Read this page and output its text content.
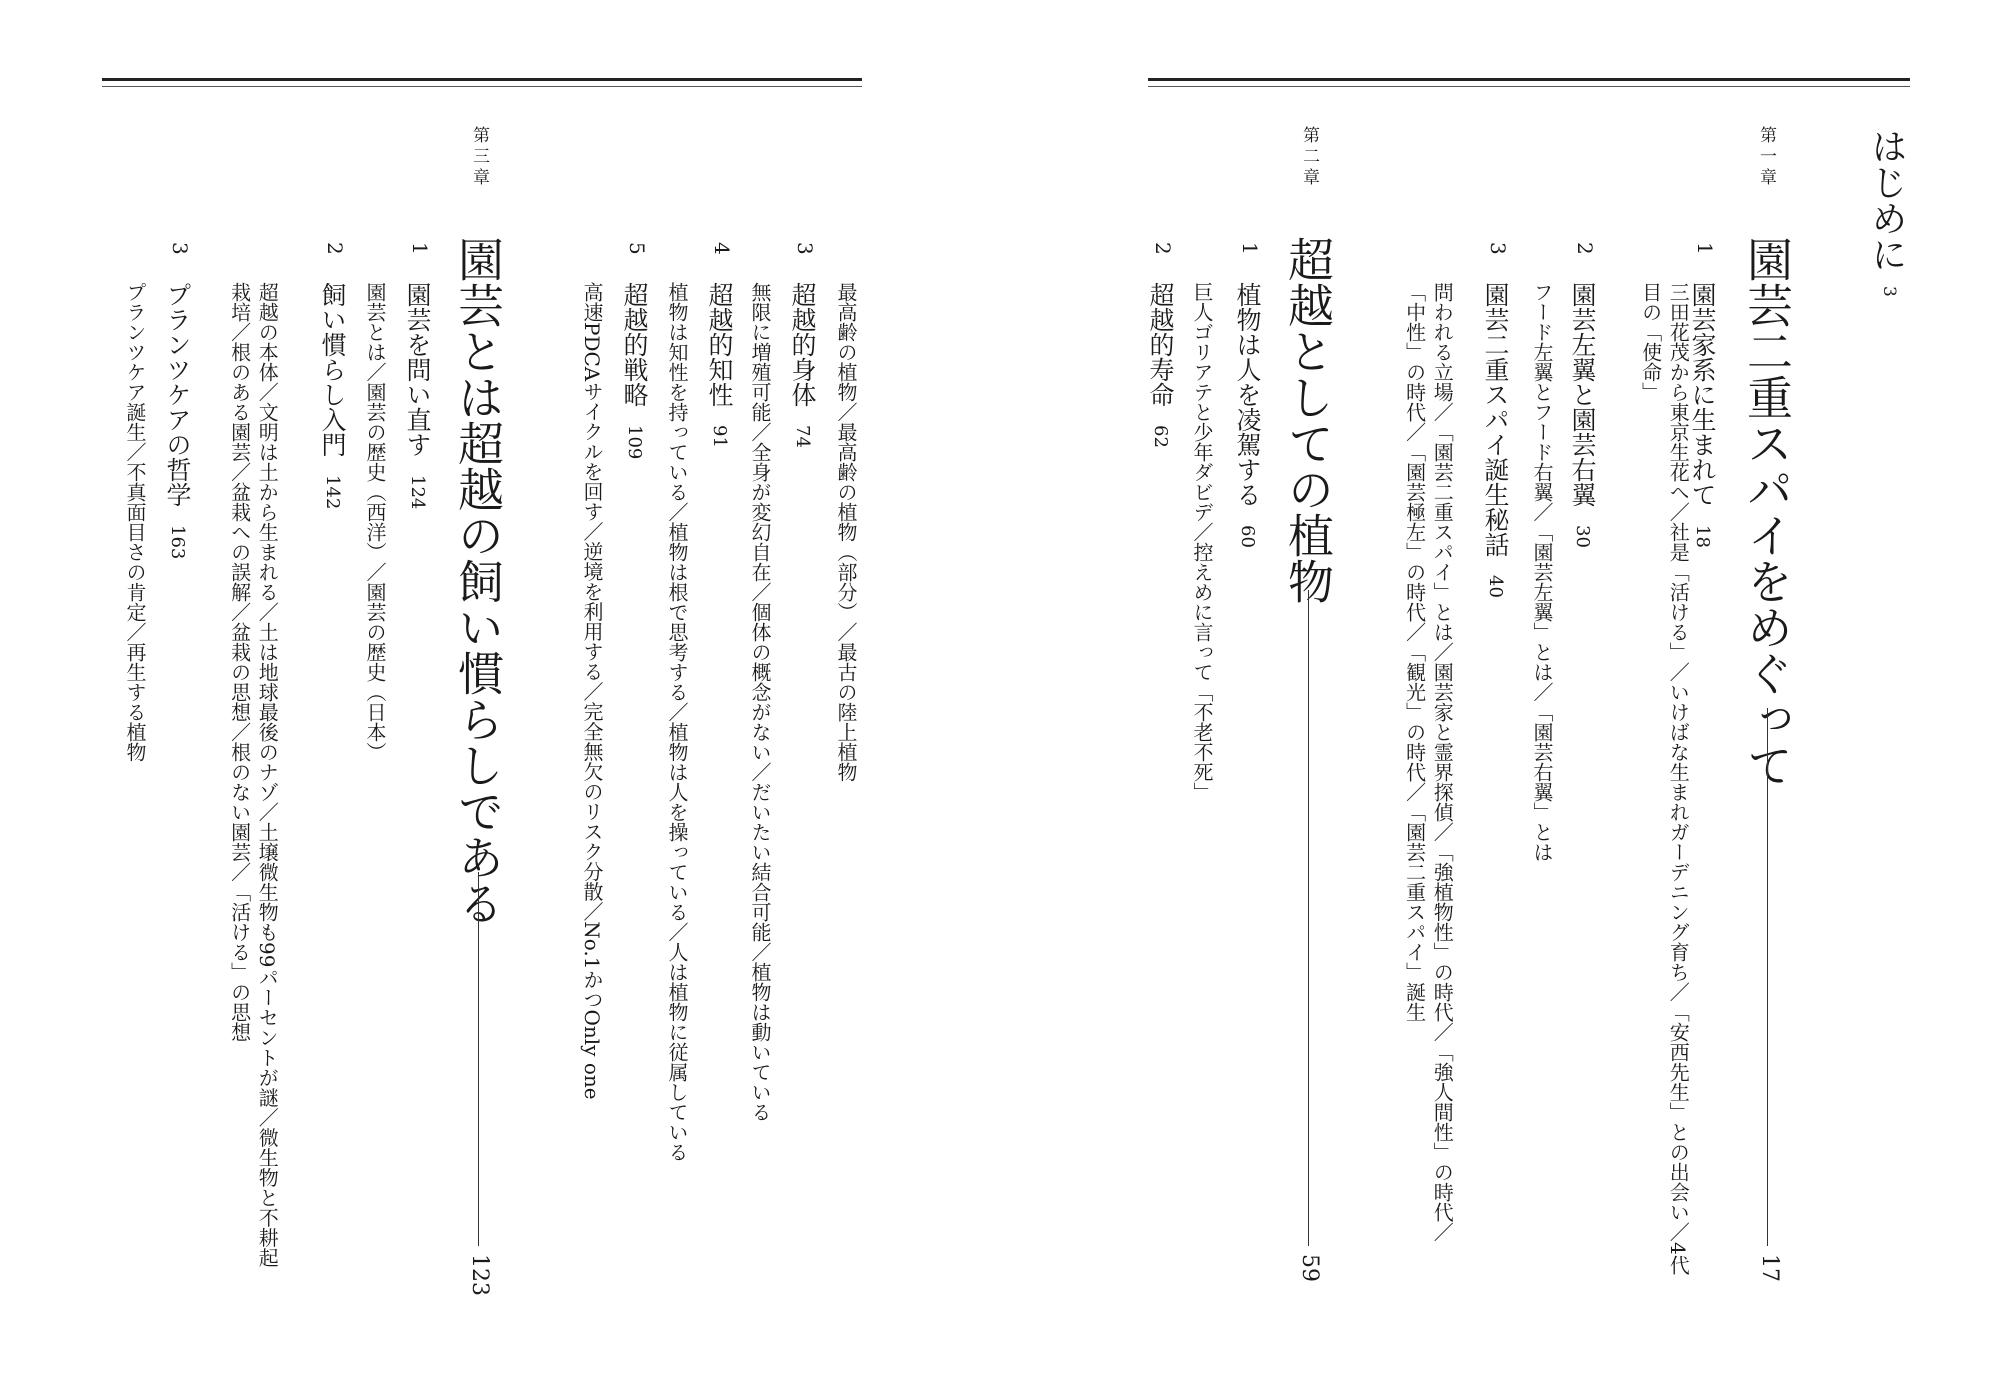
はじめに
3
第一章
園芸二重スパイをめぐって
17
1
園芸家系に生まれて18
三田花茂から東京生花へ／社是「活ける」／いけばな生まれガーデニング育ち／「安西先生」との出会い／4代目の「使命」
2
園芸左翼と園芸右翼30
フード左翼とフード右翼／「園芸左翼」とは／「園芸右翼」とは
3
園芸二重スパイ誕生秘話40
問われる立場／「園芸二重スパイ」とは／園芸家と霊界探偵／「強植物性」の時代／「強人間性」の時代／「中性」の時代／「園芸極左」の時代／「観光」の時代／「園芸二重スパイ」誕生
第二章
超越としての植物
59
1
植物は人を凌駕する60
巨人ゴリアテと少年ダビデ／控えめに言って「不老不死」
2
超越的寿命62
最高齢の植物／最高齢の植物（部分）／最古の陸上植物
3
超越的身体74
無限に増殖可能／全身が変幻自在／個体の概念がない／だいたい結合可能／植物は動いている
4
超越的知性91
植物は知性を持っている／植物は根で思考する／植物は人を操っている／人は植物に従属している
5
超越的戦略109
高速PDCAサイクルを回す／逆境を利用する／完全無欠のリスク分散／No.1かつOnly one
第三章
園芸とは超越の飼い慣らしである
123
1
園芸を問い直す124
園芸とは／園芸の歴史（西洋）／園芸の歴史（日本）
2
飼い慣らし入門142
超越の本体／文明は土から生まれる／土は地球最後のナゾ／土壌微生物も99パーセントが謎／微生物と不耕起栽培／根のある園芸／盆栽への誤解／盆栽の思想／根のない園芸／「活ける」の思想
3
プランツケアの哲学163
プランツケア誕生／不真面目さの肯定／再生する植物
